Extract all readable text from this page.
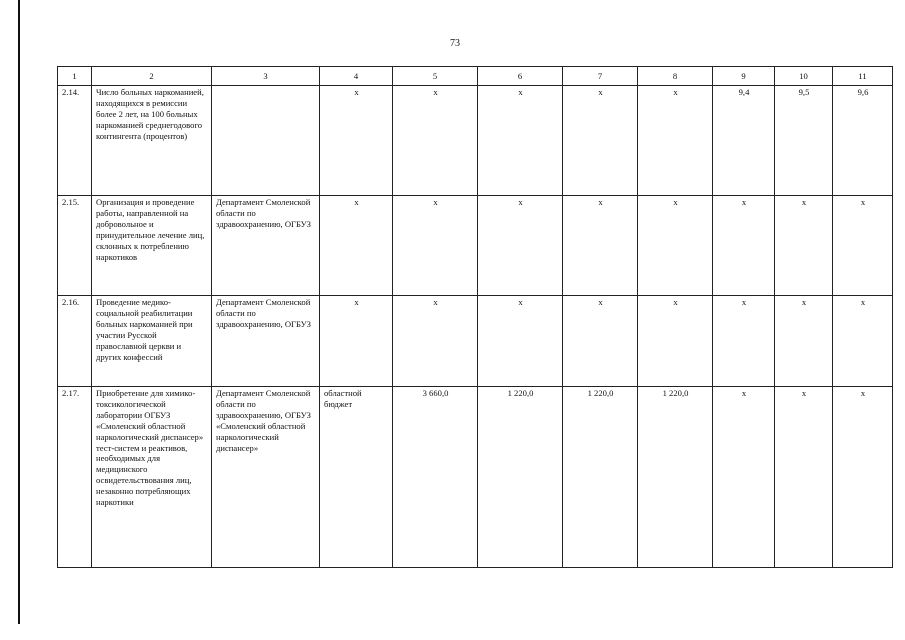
73
1	2	3	4	5	6	7	8	9	10	11
2.14.	Число больных наркоманией, находящихся в ремиссии более 2 лет, на 100 больных наркоманией среднегодового контингента (процентов)		х	х	х	х	х	9,4	9,5	9,6
2.15.	Организация и проведение работы, направленной на добровольное и принудительное лечение лиц, склонных к потреблению наркотиков	Департамент Смоленской области по здравоохранению, ОГБУЗ	х	х	х	х	х	х	х	х
2.16.	Проведение медико-социальной реабилитации больных наркоманией при участии Русской православной церкви и других конфессий	Департамент Смоленской области по здравоохранению, ОГБУЗ	х	х	х	х	х	х	х	х
2.17.	Приобретение для химико-токсикологической лаборатории ОГБУЗ «Смоленский областной наркологический диспансер» тест-систем и реактивов, необходимых для медицинского освидетельствования лиц, незаконно потребляющих наркотики	Департамент Смоленской области по здравоохранению, ОГБУЗ «Смоленский областной наркологический диспансер»	областной бюджет	3 660,0	1 220,0	1 220,0	1 220,0	х	х	х
